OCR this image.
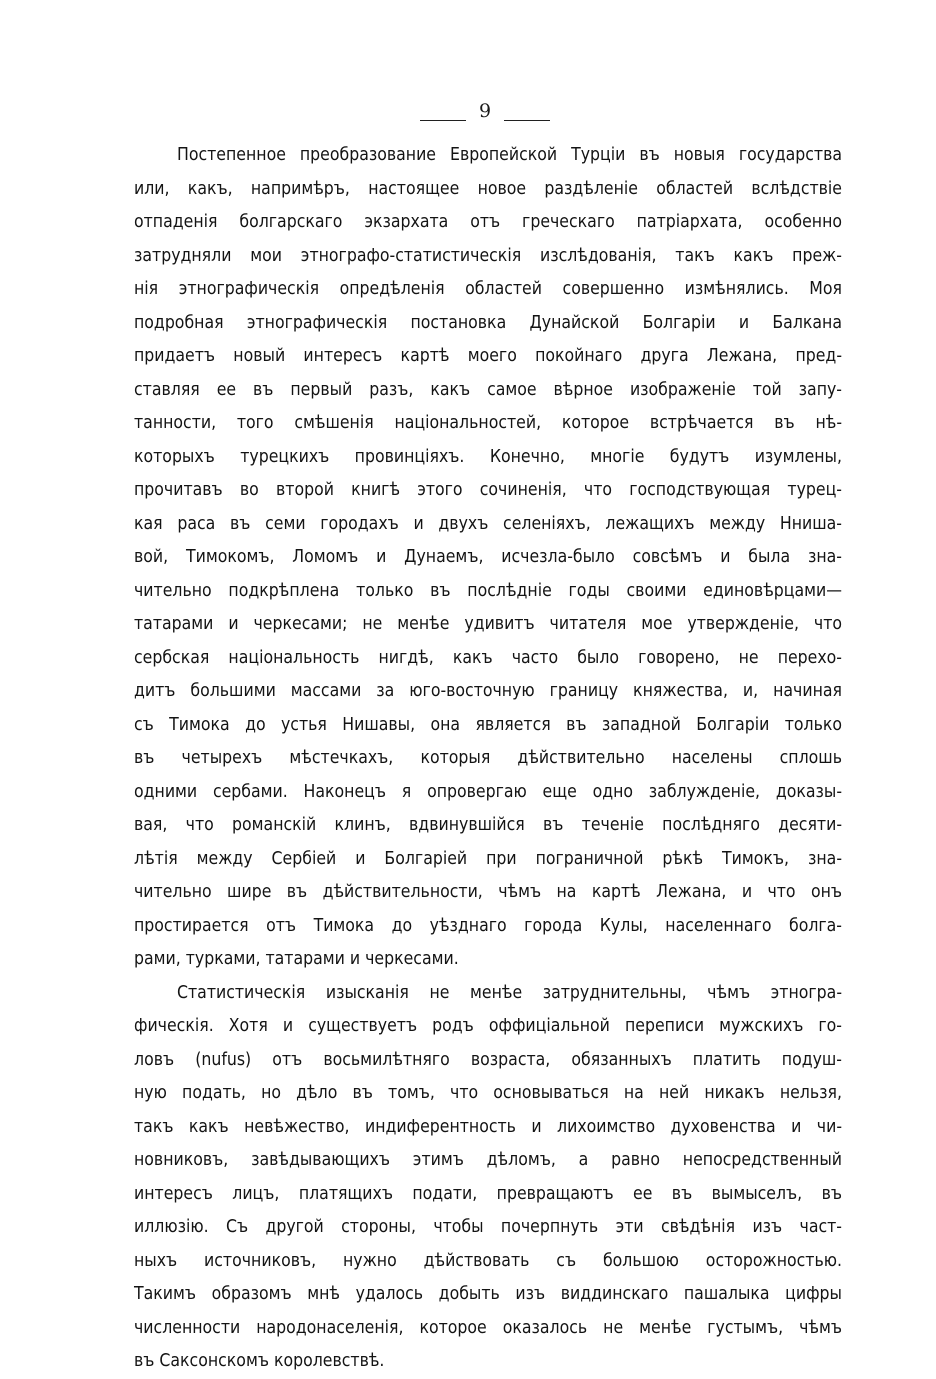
9
Постепенное преобразование Европейской Турціи въ новыя государства
или, какъ, напримѣръ, настоящее новое раздѣленіе областей вслѣдствіе
отпаденія болгарскаго экзархата отъ греческаго патріархата, особенно
затрудняли мои этнографо-статистическія изслѣдованія, такъ какъ преж-
нія этнографическія опредѣленія областей совершенно измѣнялись. Моя
подробная этнографическія постановка Дунайской Болгаріи и Балкана
придаетъ новый интересъ картѣ моего покойнаго друга Лежана, пред-
ставляя ее въ первый разъ, какъ самое вѣрное изображеніе той запу-
танности, того смѣшенія національностей, которое встрѣчается въ нѣ-
которыхъ турецкихъ провинціяхъ. Конечно, многіе будутъ изумлены,
прочитавъ во второй книгѣ этого сочиненія, что господствующая турец-
кая раса въ семи городахъ и двухъ селеніяхъ, лежащихъ между Нниша-
вой, Тимокомъ, Ломомъ и Дунаемъ, исчезла-было совсѣмъ и была зна-
чительно подкрѣплена только въ послѣдніе годы своими единовѣрцами—
татарами и черкесами; не менѣе удивитъ читателя мое утвержденіе, что
сербская національность нигдѣ, какъ часто было говорено, не перехо-
дитъ большими массами за юго-восточную границу княжества, и, начиная
съ Тимока до устья Нишавы, она является въ западной Болгаріи только
въ четырехъ мѣстечкахъ, которыя дѣйствительно населены сплошь
одними сербами. Наконецъ я опровергаю еще одно заблужденіе, доказы-
вая, что романскій клинъ, вдвинувшійся въ теченіе послѣдняго десяти-
лѣтія между Сербіей и Болгаріей при пограничной рѣкѣ Тимокъ, зна-
чительно шире въ дѣйствительности, чѣмъ на картѣ Лежана, и что онъ
простирается отъ Тимока до уѣзднаго города Кулы, населеннаго болга-
рами, турками, татарами и черкесами.
Статистическія изысканія не менѣе затруднительны, чѣмъ этногра-
фическія. Хотя и существуетъ родъ оффиціальной переписи мужскихъ го-
ловъ (nufus) отъ восьмилѣтняго возраста, обязанныхъ платить подуш-
ную подать, но дѣло въ томъ, что основываться на ней никакъ нельзя,
такъ какъ невѣжество, индиферентность и лихоимство духовенства и чи-
новниковъ, завѣдывающихъ этимъ дѣломъ, а равно непосредственный
интересъ лицъ, платящихъ подати, превращаютъ ее въ вымыселъ, въ
иллюзію. Съ другой стороны, чтобы почерпнуть эти свѣдѣнія изъ част-
ныхъ источниковъ, нужно дѣйствовать съ большою осторожностью.
Такимъ образомъ мнѣ удалось добыть изъ виддинскаго пашалыка цифры
численности народонаселенія, которое оказалось не менѣе густымъ, чѣмъ
въ Саксонскомъ королевствѣ.
